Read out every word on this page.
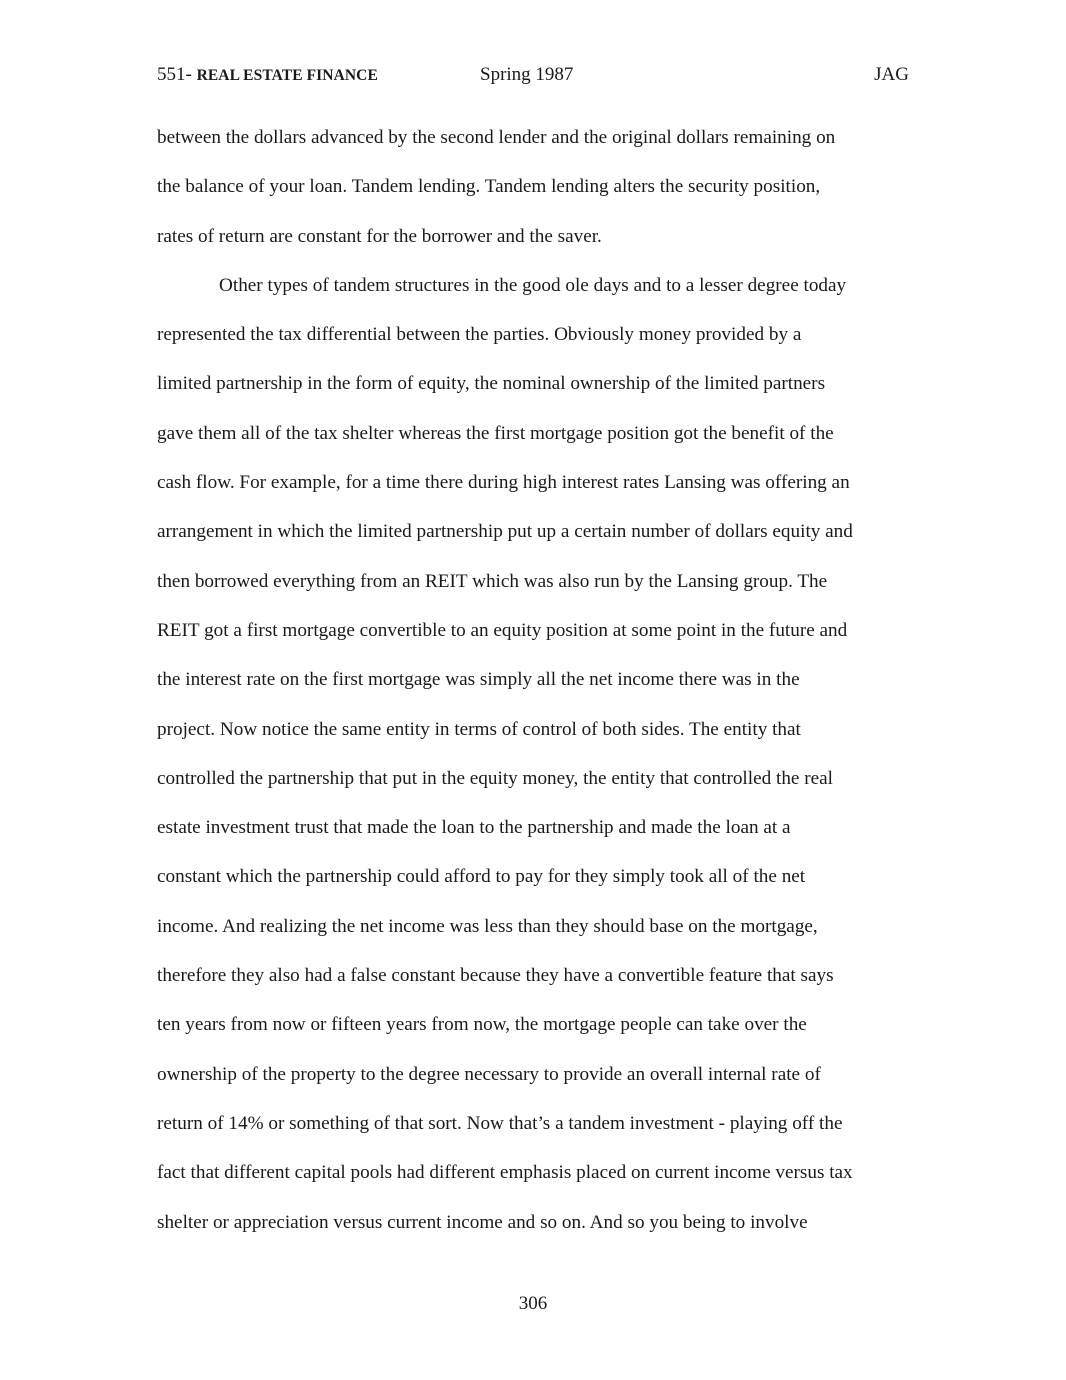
551- REAL ESTATE FINANCE	Spring 1987	JAG
between the dollars advanced by the second lender and the original dollars remaining on
the balance of your loan. Tandem lending. Tandem lending alters the security position,
rates of return are constant for the borrower and the saver.
Other types of tandem structures in the good ole days and to a lesser degree today
represented the tax differential between the parties. Obviously money provided by a
limited partnership in the form of equity, the nominal ownership of the limited partners
gave them all of the tax shelter whereas the first mortgage position got the benefit of the
cash flow. For example, for a time there during high interest rates Lansing was offering an
arrangement in which the limited partnership put up a certain number of dollars equity and
then borrowed everything from an REIT which was also run by the Lansing group. The
REIT got a first mortgage convertible to an equity position at some point in the future and
the interest rate on the first mortgage was simply all the net income there was in the
project. Now notice the same entity in terms of control of both sides. The entity that
controlled the partnership that put in the equity money, the entity that controlled the real
estate investment trust that made the loan to the partnership and made the loan at a
constant which the partnership could afford to pay for they simply took all of the net
income. And realizing the net income was less than they should base on the mortgage,
therefore they also had a false constant because they have a convertible feature that says
ten years from now or fifteen years from now, the mortgage people can take over the
ownership of the property to the degree necessary to provide an overall internal rate of
return of 14% or something of that sort. Now that’s a tandem investment - playing off the
fact that different capital pools had different emphasis placed on current income versus tax
shelter or appreciation versus current income and so on. And so you being to involve
306
